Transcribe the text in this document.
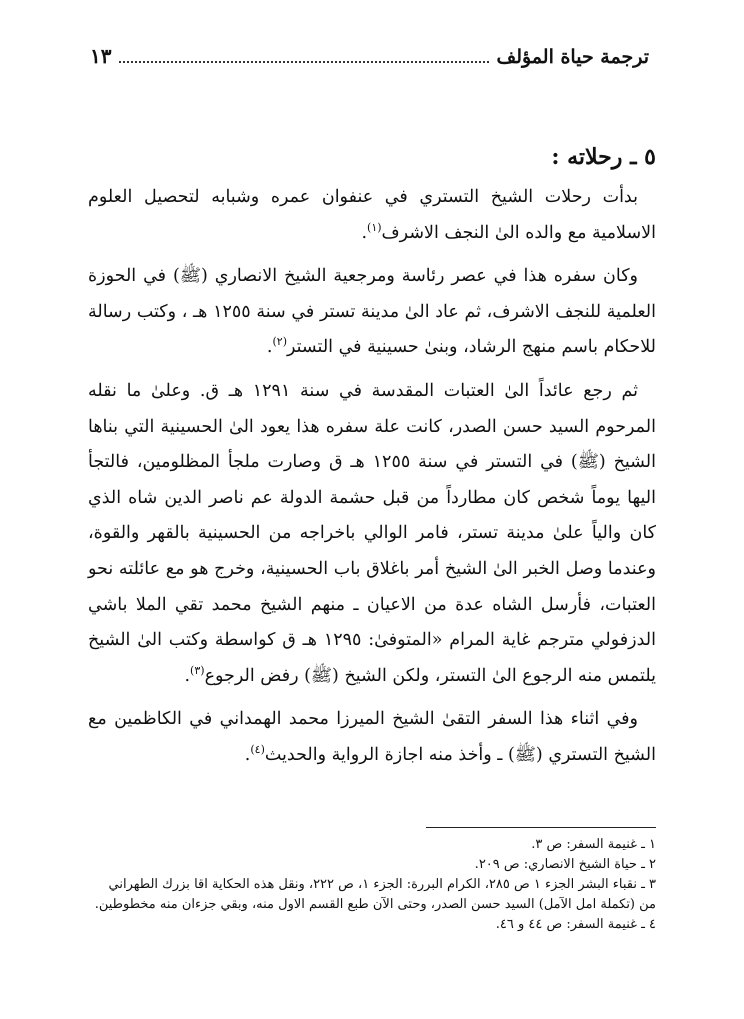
ترجمة حياة المؤلف
١٣
٥ ـ رحلاته :

بدأت رحلات الشيخ التستري في عنفوان عمره وشبابه لتحصيل العلوم الاسلامية مع والده الىٰ النجف الاشرف$^{(١)}$.

وكان سفره هذا في عصر رئاسة ومرجعية الشيخ الانصاري (ﷺ) في الحوزة العلمية للنجف الاشرف، ثم عاد الىٰ مدينة تستر في سنة ١٢٥٥ هـ ، وكتب رسالة للاحكام باسم منهج الرشاد، وبنىٰ حسينية في التستر$^{(٢)}$.

ثم رجع عائداً الىٰ العتبات المقدسة في سنة ١٢٩١ هـ ق. وعلىٰ ما نقله المرحوم السيد حسن الصدر، كانت علة سفره هذا يعود الىٰ الحسينية التي بناها الشيخ (ﷺ) في التستر في سنة ١٢٥٥ هـ ق وصارت ملجأ المظلومين، فالتجأ اليها يوماً شخص كان مطارداً من قبل حشمة الدولة عم ناصر الدين شاه الذي كان والياً علىٰ مدينة تستر، فامر الوالي باخراجه من الحسينية بالقهر والقوة، وعندما وصل الخبر الىٰ الشيخ أمر باغلاق باب الحسينية، وخرج هو مع عائلته نحو العتبات، فأرسل الشاه عدة من الاعيان ـ منهم الشيخ محمد تقي الملا باشي الدزفولي مترجم غاية المرام «المتوفىٰ: ١٢٩٥ هـ ق كواسطة وكتب الىٰ الشيخ يلتمس منه الرجوع الىٰ التستر، ولكن الشيخ (ﷺ) رفض الرجوع$^{(٣)}$.

وفي اثناء هذا السفر التقىٰ الشيخ الميرزا محمد الهمداني في الكاظمين مع الشيخ التستري (ﷺ) ـ وأخذ منه اجازة الرواية والحديث$^{(٤)}$.

١ ـ غنيمة السفر: ص ٣.

٢ ـ حياة الشيخ الانصاري: ص ٢٠٩.

٣ ـ نقباء البشر الجزء ١ ص ٢٨٥، الكرام البررة: الجزء ١، ص ٢٢٢، ونقل هذه الحكاية اقا بزرك الطهراني من (تكملة امل الآمل) السيد حسن الصدر، وحتى الآن طبع القسم الاول منه، وبقي جزءان منه مخطوطين.

٤ ـ غنيمة السفر: ص ٤٤ و ٤٦.
